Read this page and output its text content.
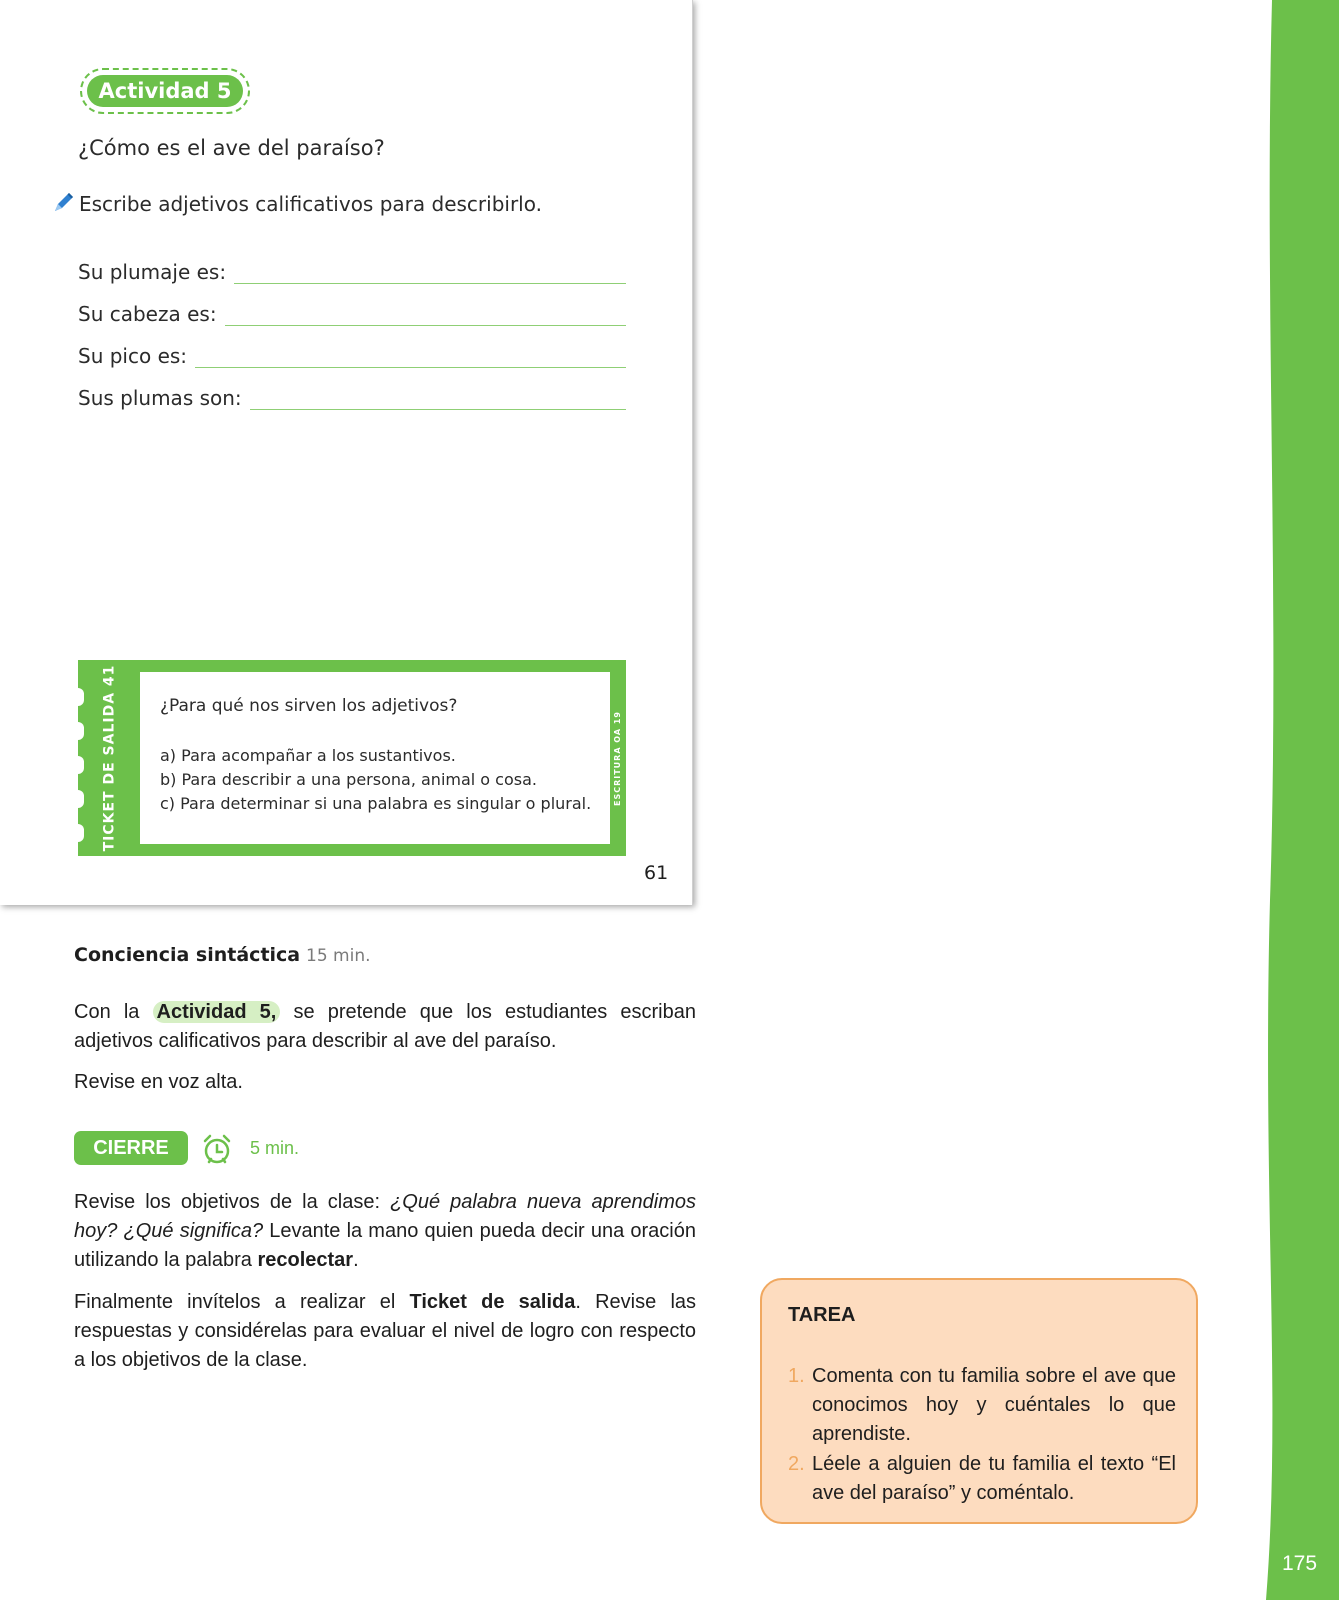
175
Actividad 5
¿Cómo es el ave del paraíso?
Escribe adjetivos calificativos para describirlo.
Su plumaje es:
Su cabeza es:
Su pico es:
Sus plumas son:
TICKET DE SALIDA 41	¿Para qué nos sirven los adjetivos?
a) Para acompañar a los sustantivos.
b) Para describir a una persona, animal o cosa.
c) Para determinar si una palabra es singular o plural.	ESCRITURA OA 19
61
Conciencia sintáctica 15 min.
Con la Actividad 5, se pretende que los estudiantes escriban adjetivos calificativos para describir al ave del paraíso.
Revise en voz alta.
CIERRE	5 min.
Revise los objetivos de la clase: ¿Qué palabra nueva aprendimos hoy? ¿Qué significa? Levante la mano quien pueda decir una oración utilizando la palabra recolectar.
Finalmente invítelos a realizar el Ticket de salida. Revise las respuestas y considérelas para evaluar el nivel de logro con respecto a los objetivos de la clase.
TAREA
1. Comenta con tu familia sobre el ave que conocimos hoy y cuéntales lo que aprendiste.
2. Léele a alguien de tu familia el texto “El ave del paraíso” y coméntalo.
